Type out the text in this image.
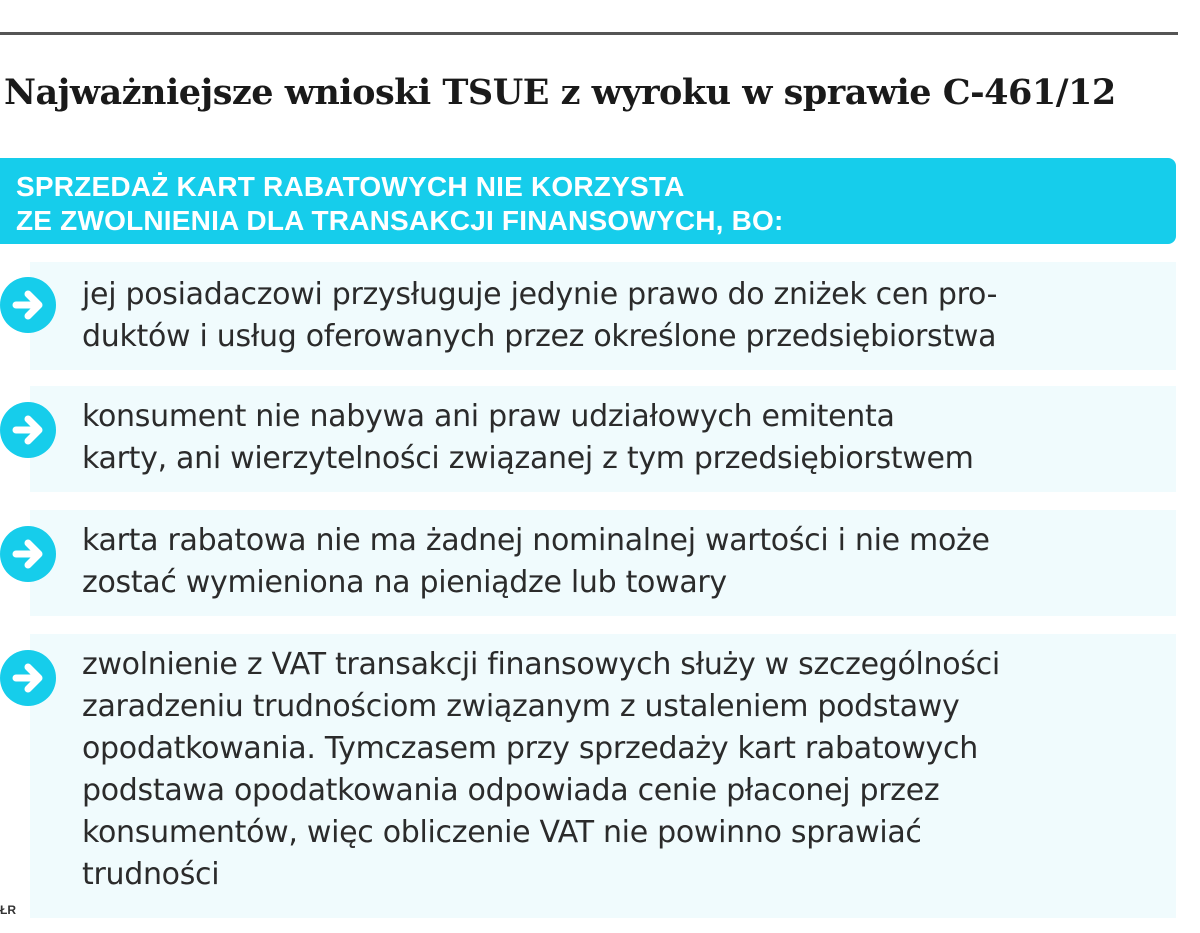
Najważniejsze wnioski TSUE z wyroku w sprawie C-461/12
SPRZEDAŻ KART RABATOWYCH NIE KORZYSTA
ZE ZWOLNIENIA DLA TRANSAKCJI FINANSOWYCH, BO:
jej posiadaczowi przysługuje jedynie prawo do zniżek cen pro-
duktów i usług oferowanych przez określone przedsiębiorstwa
konsument nie nabywa ani praw udziałowych emitenta
karty, ani wierzytelności związanej z tym przedsiębiorstwem
karta rabatowa nie ma żadnej nominalnej wartości i nie może
zostać wymieniona na pieniądze lub towary
zwolnienie z VAT transakcji finansowych służy w szczególności
zaradzeniu trudnościom związanym z ustaleniem podstawy
opodatkowania. Tymczasem przy sprzedaży kart rabatowych
podstawa opodatkowania odpowiada cenie płaconej przez
konsumentów, więc obliczenie VAT nie powinno sprawiać
trudności
ŁR
